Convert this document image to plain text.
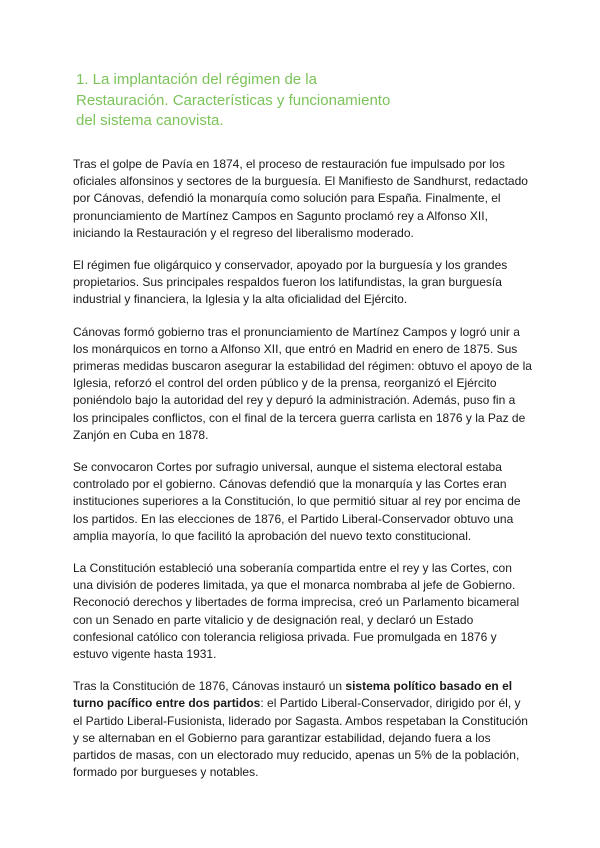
1. La implantación del régimen de la
Restauración. Características y funcionamiento
del sistema canovista.

Tras el golpe de Pavía en 1874, el proceso de restauración fue impulsado por los oficiales alfonsinos y sectores de la burguesía. El Manifiesto de Sandhurst, redactado por Cánovas, defendió la monarquía como solución para España. Finalmente, el pronunciamiento de Martínez Campos en Sagunto proclamó rey a Alfonso XII, iniciando la Restauración y el regreso del liberalismo moderado.

El régimen fue oligárquico y conservador, apoyado por la burguesía y los grandes propietarios. Sus principales respaldos fueron los latifundistas, la gran burguesía industrial y financiera, la Iglesia y la alta oficialidad del Ejército.

Cánovas formó gobierno tras el pronunciamiento de Martínez Campos y logró unir a los monárquicos en torno a Alfonso XII, que entró en Madrid en enero de 1875. Sus primeras medidas buscaron asegurar la estabilidad del régimen: obtuvo el apoyo de la Iglesia, reforzó el control del orden público y de la prensa, reorganizó el Ejército poniéndolo bajo la autoridad del rey y depuró la administración. Además, puso fin a los principales conflictos, con el final de la tercera guerra carlista en 1876 y la Paz de Zanjón en Cuba en 1878.

Se convocaron Cortes por sufragio universal, aunque el sistema electoral estaba controlado por el gobierno. Cánovas defendió que la monarquía y las Cortes eran instituciones superiores a la Constitución, lo que permitió situar al rey por encima de los partidos. En las elecciones de 1876, el Partido Liberal-Conservador obtuvo una amplia mayoría, lo que facilitó la aprobación del nuevo texto constitucional.

La Constitución estableció una soberanía compartida entre el rey y las Cortes, con una división de poderes limitada, ya que el monarca nombraba al jefe de Gobierno. Reconoció derechos y libertades de forma imprecisa, creó un Parlamento bicameral con un Senado en parte vitalicio y de designación real, y declaró un Estado confesional católico con tolerancia religiosa privada. Fue promulgada en 1876 y estuvo vigente hasta 1931.

Tras la Constitución de 1876, Cánovas instauró un sistema político basado en el turno pacífico entre dos partidos: el Partido Liberal-Conservador, dirigido por él, y el Partido Liberal-Fusionista, liderado por Sagasta. Ambos respetaban la Constitución y se alternaban en el Gobierno para garantizar estabilidad, dejando fuera a los partidos de masas, con un electorado muy reducido, apenas un 5% de la población, formado por burgueses y notables.
